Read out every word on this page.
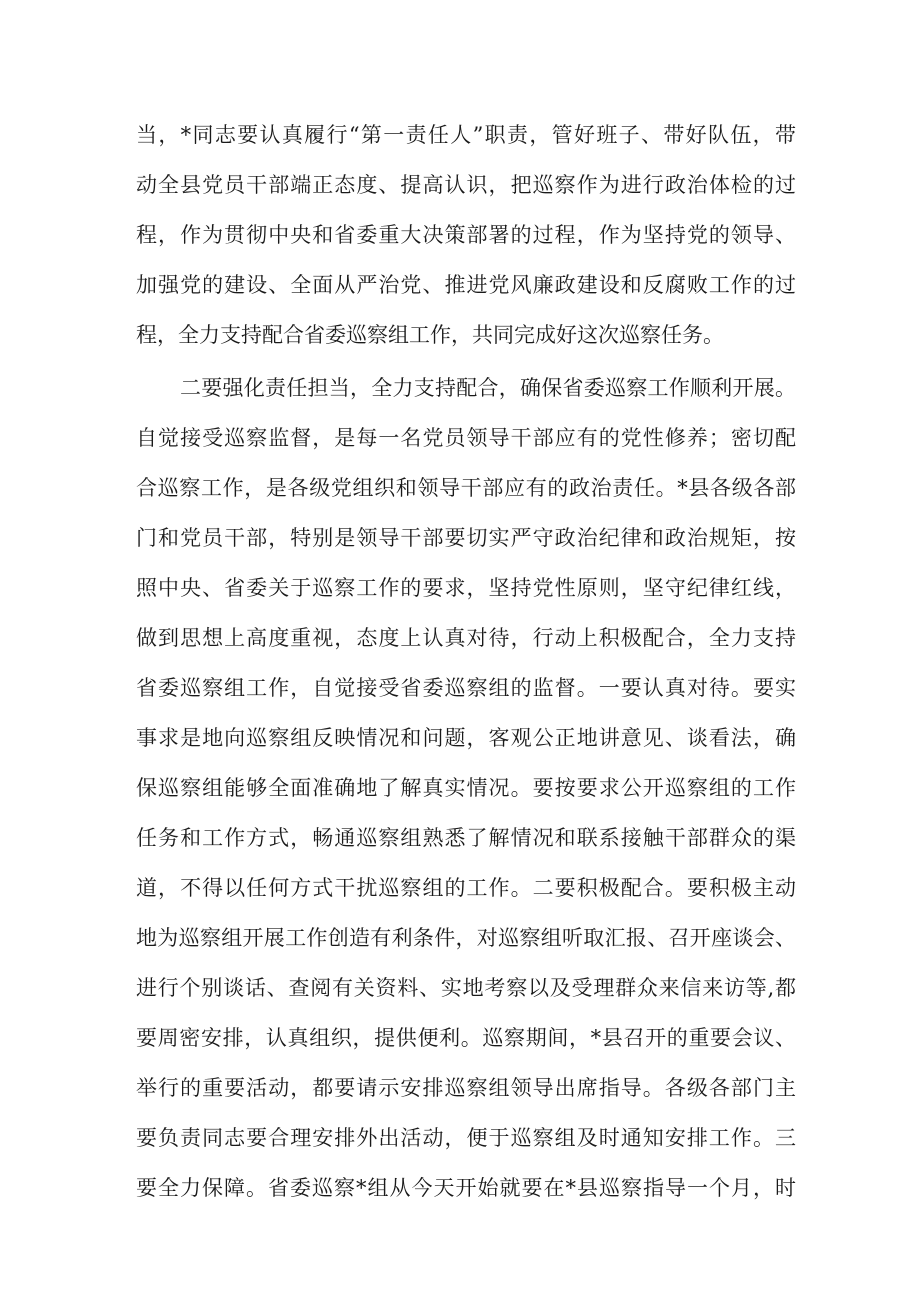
当，*同志要认真履行“第一责任人”职责，管好班子、带好队伍，带
动全县党员干部端正态度、提高认识，把巡察作为进行政治体检的过
程，作为贯彻中央和省委重大决策部署的过程，作为坚持党的领导、
加强党的建设、全面从严治党、推进党风廉政建设和反腐败工作的过
程，全力支持配合省委巡察组工作，共同完成好这次巡察任务。
二要强化责任担当，全力支持配合，确保省委巡察工作顺利开展。
自觉接受巡察监督，是每一名党员领导干部应有的党性修养；密切配
合巡察工作，是各级党组织和领导干部应有的政治责任。*县各级各部
门和党员干部，特别是领导干部要切实严守政治纪律和政治规矩，按
照中央、省委关于巡察工作的要求，坚持党性原则，坚守纪律红线，
做到思想上高度重视，态度上认真对待，行动上积极配合，全力支持
省委巡察组工作，自觉接受省委巡察组的监督。一要认真对待。要实
事求是地向巡察组反映情况和问题，客观公正地讲意见、谈看法，确
保巡察组能够全面准确地了解真实情况。要按要求公开巡察组的工作
任务和工作方式，畅通巡察组熟悉了解情况和联系接触干部群众的渠
道，不得以任何方式干扰巡察组的工作。二要积极配合。要积极主动
地为巡察组开展工作创造有利条件，对巡察组听取汇报、召开座谈会、
进行个别谈话、查阅有关资料、实地考察以及受理群众来信来访等,都
要周密安排，认真组织，提供便利。巡察期间，*县召开的重要会议、
举行的重要活动，都要请示安排巡察组领导出席指导。各级各部门主
要负责同志要合理安排外出活动，便于巡察组及时通知安排工作。三
要全力保障。省委巡察*组从今天开始就要在*县巡察指导一个月，时
